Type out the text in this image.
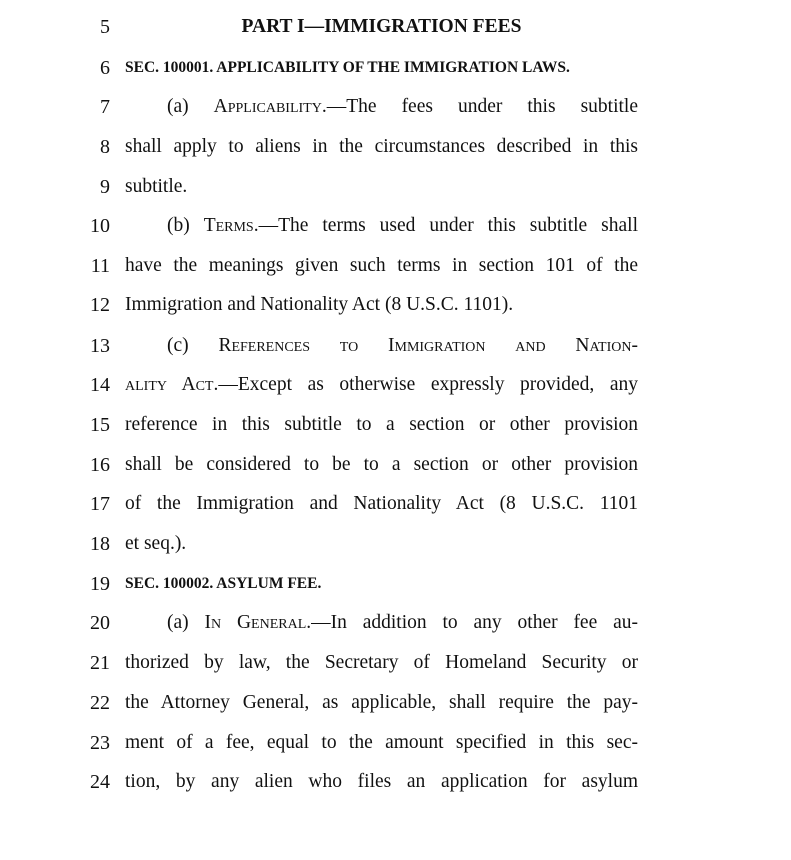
5	PART I—IMMIGRATION FEES
6 SEC. 100001. APPLICABILITY OF THE IMMIGRATION LAWS.
7	(a) Applicability.—The fees under this subtitle
8 shall apply to aliens in the circumstances described in this
9 subtitle.
10	(b) Terms.—The terms used under this subtitle shall
11 have the meanings given such terms in section 101 of the
12 Immigration and Nationality Act (8 U.S.C. 1101).
13	(c) References to Immigration and Nation-
14 ality Act.—Except as otherwise expressly provided, any
15 reference in this subtitle to a section or other provision
16 shall be considered to be to a section or other provision
17 of the Immigration and Nationality Act (8 U.S.C. 1101
18 et seq.).
19 SEC. 100002. ASYLUM FEE.
20	(a) In General.—In addition to any other fee au-
21 thorized by law, the Secretary of Homeland Security or
22 the Attorney General, as applicable, shall require the pay-
23 ment of a fee, equal to the amount specified in this sec-
24 tion, by any alien who files an application for asylum
